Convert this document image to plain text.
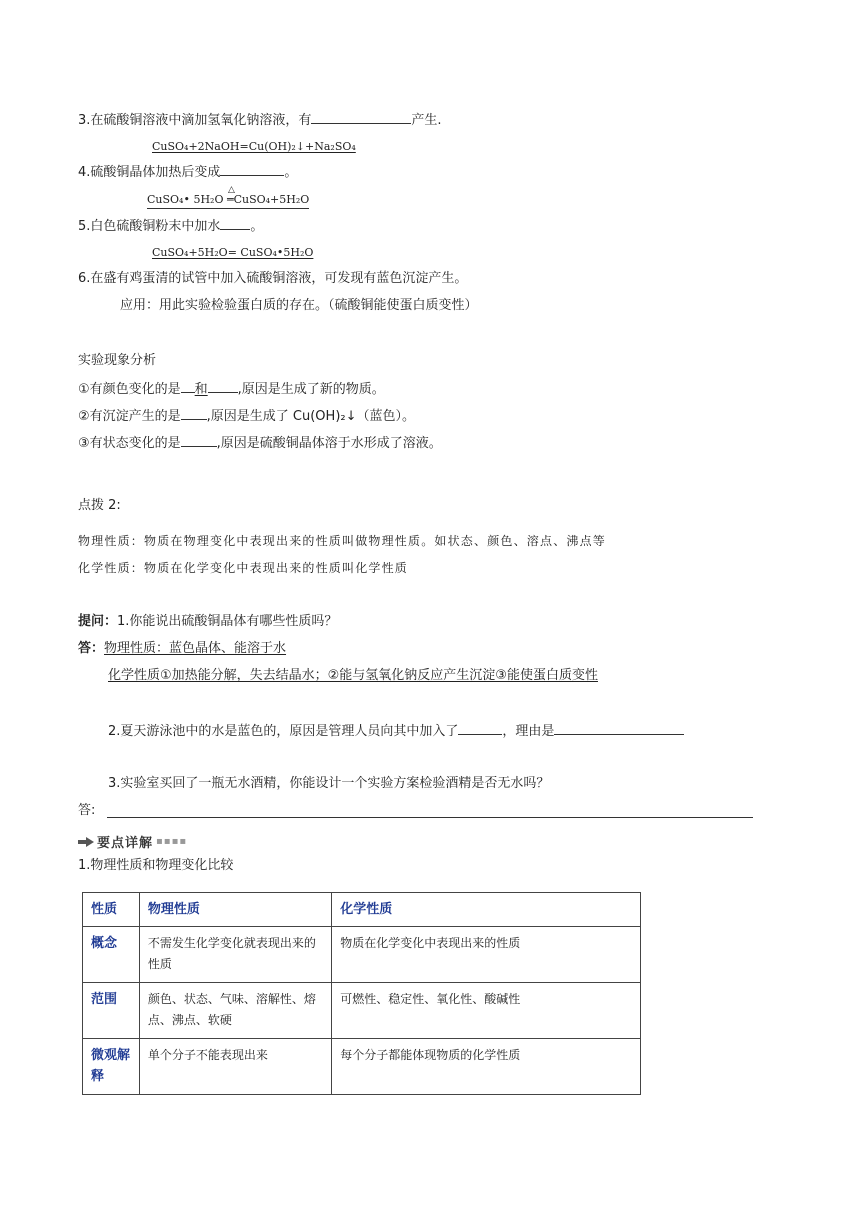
3.在硫酸铜溶液中滴加氢氧化钠溶液，有	产生.
CuSO₄+2NaOH=Cu(OH)₂↓+Na₂SO₄
4.硫酸铜晶体加热后变成	。
CuSO₄• 5H₂O
△
═CuSO₄+5H₂O
5.白色硫酸铜粉末中加水 。
CuSO₄+5H₂O= CuSO₄•5H₂O
6.在盛有鸡蛋清的试管中加入硫酸铜溶液，可发现有蓝色沉淀产生。
应用：用此实验检验蛋白质的存在。（硫酸铜能使蛋白质变性）
实验现象分析
①有颜色变化的是 和 ,原因是生成了新的物质。
②有沉淀产生的是 ,原因是生成了 Cu(OH)₂↓（蓝色）。
③有状态变化的是	,原因是硫酸铜晶体溶于水形成了溶液。
点拨 2:
物理性质：物质在物理变化中表现出来的性质叫做物理性质。如状态、颜色、溶点、沸点等
化学性质：物质在化学变化中表现出来的性质叫化学性质
提问：1.你能说出硫酸铜晶体有哪些性质吗？
答：物理性质：蓝色晶体、能溶于水
化学性质①加热能分解，失去结晶水；②能与氢氧化钠反应产生沉淀③能使蛋白质变性
2.夏天游泳池中的水是蓝色的，原因是管理人员向其中加入了	，理由是
3.实验室买回了一瓶无水酒精，你能设计一个实验方案检验酒精是否无水吗？
答:
要点详解 ▪▪▪▪
1.物理性质和物理变化比较
性质	物理性质	化学性质
概念	不需发生化学变化就表现出来的性质	物质在化学变化中表现出来的性质
范围	颜色、状态、气味、溶解性、熔点、沸点、软硬	可燃性、稳定性、氧化性、酸碱性
微观解释	单个分子不能表现出来	每个分子都能体现物质的化学性质
